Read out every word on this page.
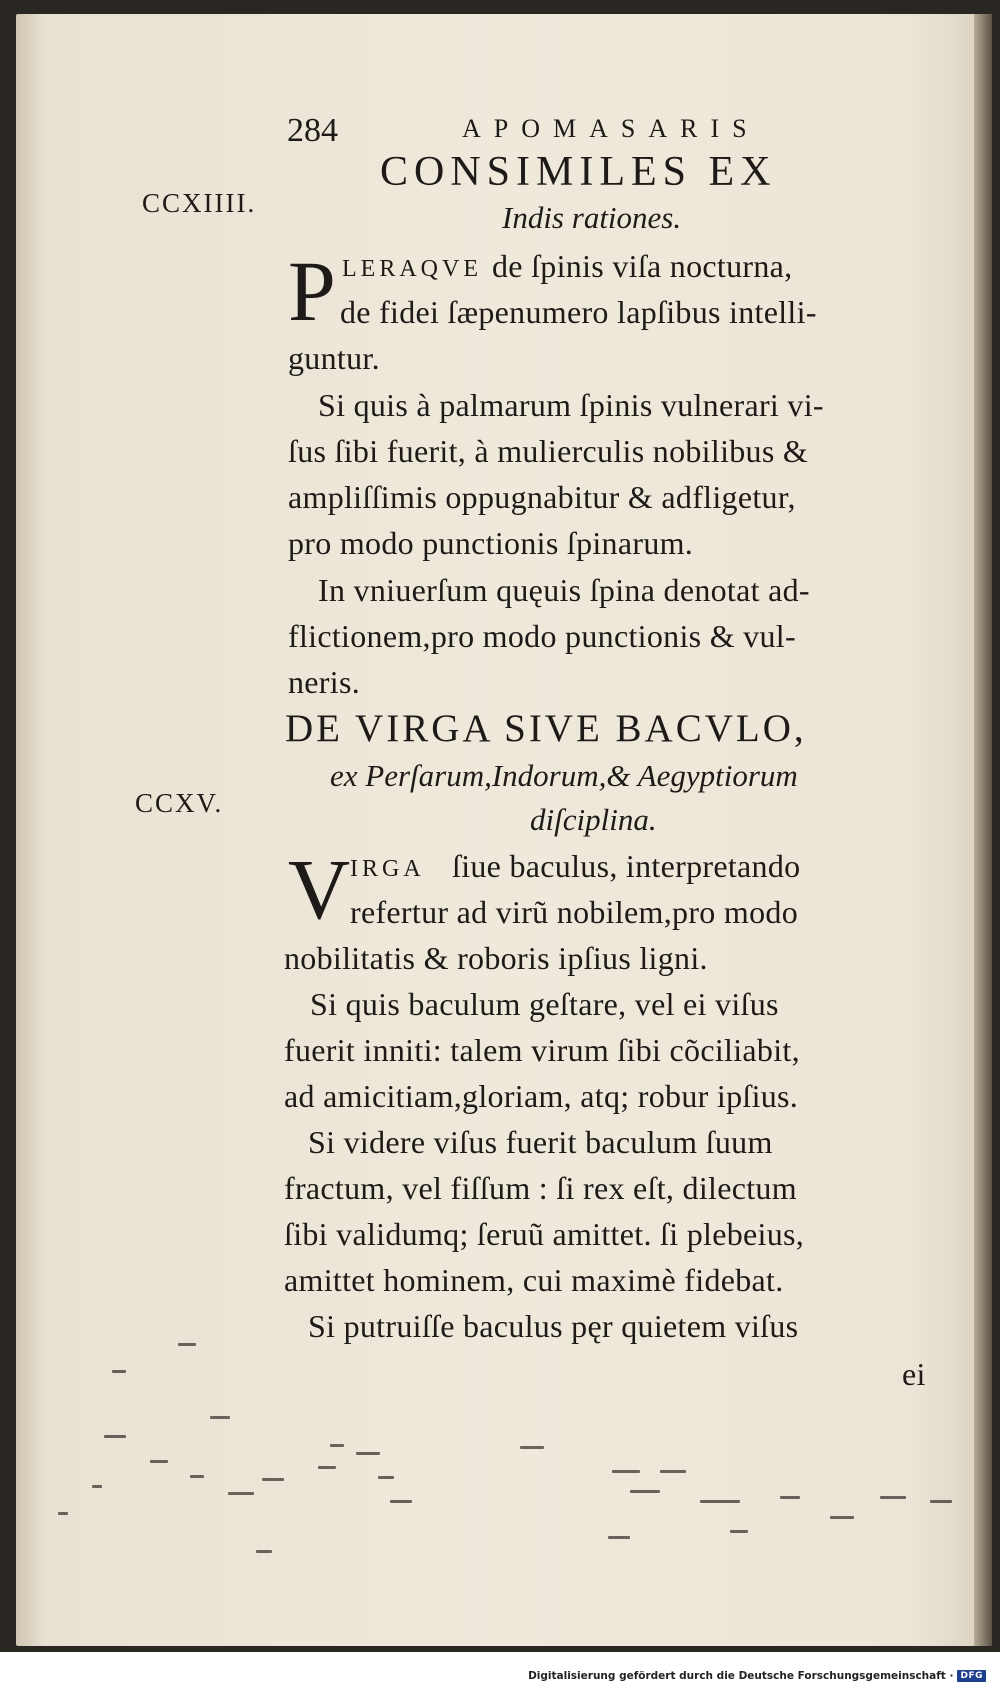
284	APOMASARIS
CCXIIII.
CONSIMILES EX
Indis rationes.
P LERAQVE de ſpinis viſa nocturna,
de fidei ſæpenumero lapſibus intelli-
guntur.
Si quis à palmarum ſpinis vulnerari vi-
ſus ſibi fuerit, à mulierculis nobilibus &
ampliſſimis oppugnabitur & adfligetur,
pro modo punctionis ſpinarum.
In vniuerſum quęuis ſpina denotat ad-
flictionem,pro modo punctionis & vul-
neris.
DE VIRGA SIVE BACVLO,
CCXV.
ex Perſarum,Indorum,& Aegyptiorum
diſciplina.
V IRGA ſiue baculus, interpretando
refertur ad virũ nobilem,pro modo
nobilitatis & roboris ipſius ligni.
Si quis baculum geſtare, vel ei viſus
fuerit inniti: talem virum ſibi cõciliabit,
ad amicitiam,gloriam, atq; robur ipſius.
Si videre viſus fuerit baculum ſuum
fractum, vel fiſſum : ſi rex eſt, dilectum
ſibi validumq; ſeruũ amittet. ſi plebeius,
amittet hominem, cui maximè fidebat.
Si putruiſſe baculus pęr quietem viſus
ei
Digitalisierung gefördert durch die Deutsche Forschungsgemeinschaft · DFG
